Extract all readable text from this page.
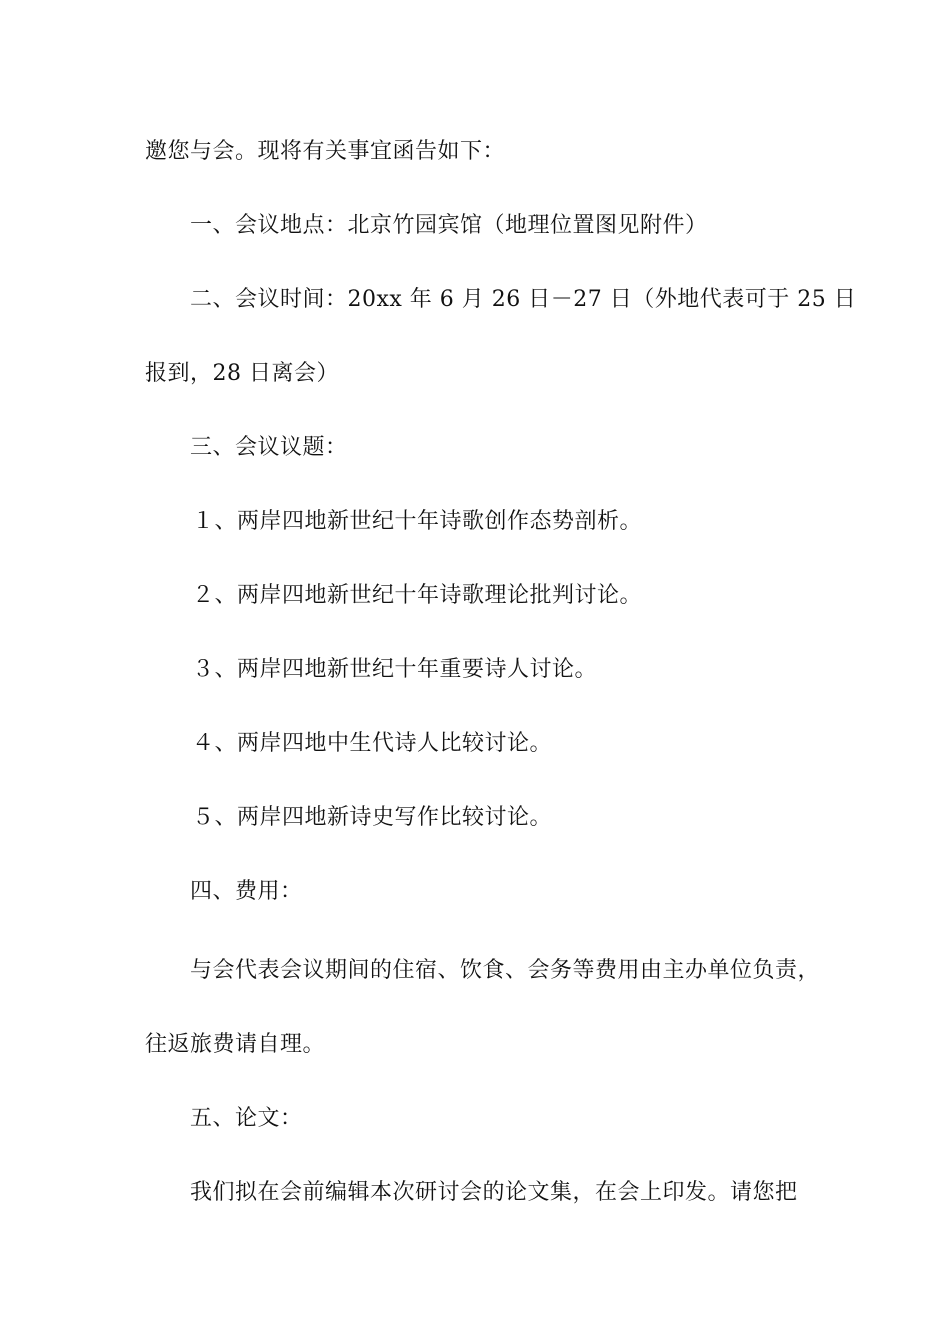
邀您与会。现将有关事宜函告如下：
一、会议地点：北京竹园宾馆（地理位置图见附件）
二、会议时间：20xx 年 6 月 26 日－27 日（外地代表可于 25 日
报到，28 日离会）
三、会议议题：
１、两岸四地新世纪十年诗歌创作态势剖析。
２、两岸四地新世纪十年诗歌理论批判讨论。
３、两岸四地新世纪十年重要诗人讨论。
４、两岸四地中生代诗人比较讨论。
５、两岸四地新诗史写作比较讨论。
四、费用：
与会代表会议期间的住宿、饮食、会务等费用由主办单位负责，
往返旅费请自理。
五、论文：
我们拟在会前编辑本次研讨会的论文集，在会上印发。请您把
